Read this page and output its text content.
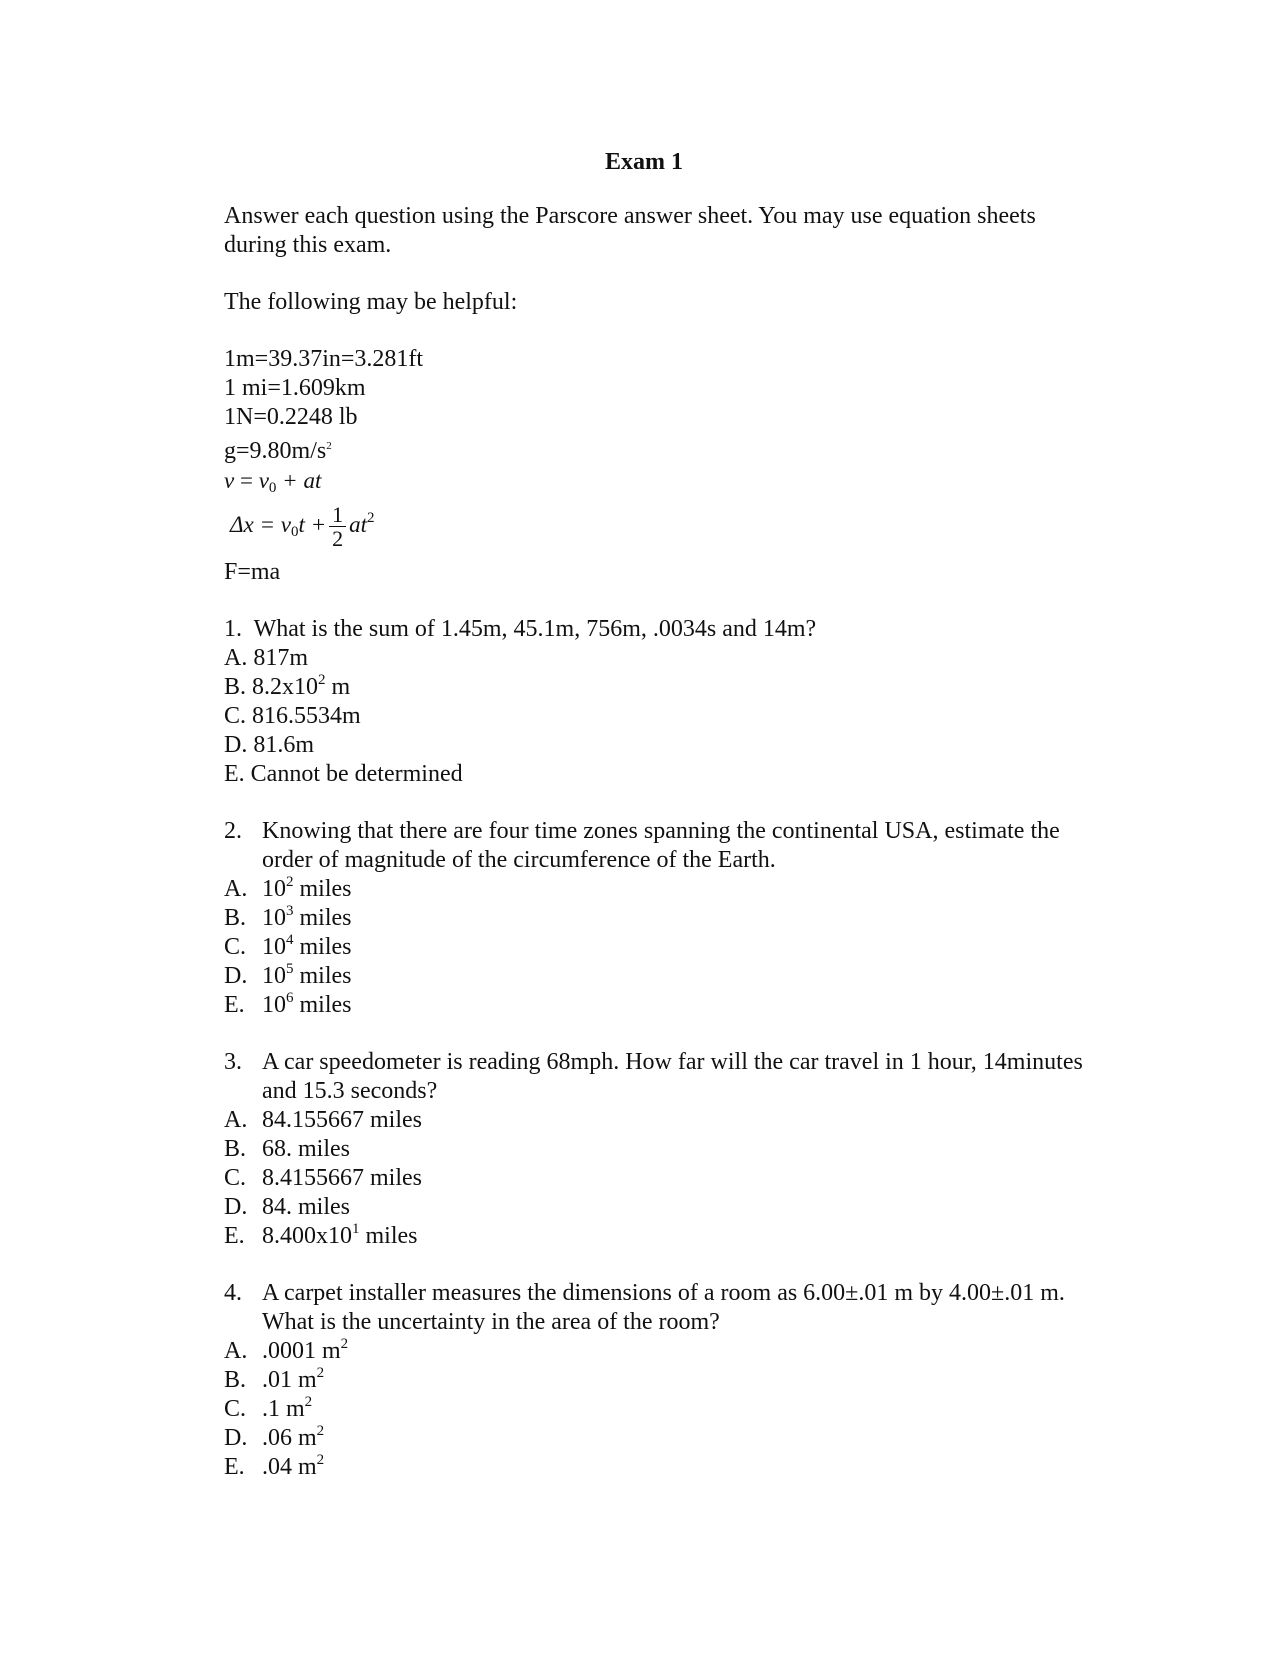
Exam 1

Answer each question using the Parscore answer sheet. You may use equation sheets during this exam.

The following may be helpful:

1m=39.37in=3.281ft

1 mi=1.609km

1N=0.2248 lb

$g=9.80m/s^2$

$v = v_0$ + at

$\Delta x = v_0t + \frac{1}{2} at^2$

F=ma

1. What is the sum of 1.45m, 45.1m, 756m, .0034s and 14m?

A. 817m

B. $8.2x10^2$ m

C. 816.5534m

D. 81.6m

E. Cannot be determined

2. Knowing that there are four time zones spanning the continental USA, estimate the order of magnitude of the circumference of the Earth.
A. $10^2$ miles
B. $10^3$ miles
C. $10^4$ miles
D. $10^5$ miles
E. $10^6$ miles
3. A car speedometer is reading 68mph. How far will the car travel in 1 hour, 14minutes and 15.3 seconds?
A. 84.155667 miles
B. 68. miles
C. 8.4155667 miles
D. 84. miles
E. $8.400x10^1$ miles
4. A carpet installer measures the dimensions of a room as 6.00±.01 m by 4.00±.01 m. What is the uncertainty in the area of the room?
A. .0001 $m^2$
B. .01 $m^2$
C. .1 $m^2$
D. .06 $m^2$
E. .04 $m^2$
